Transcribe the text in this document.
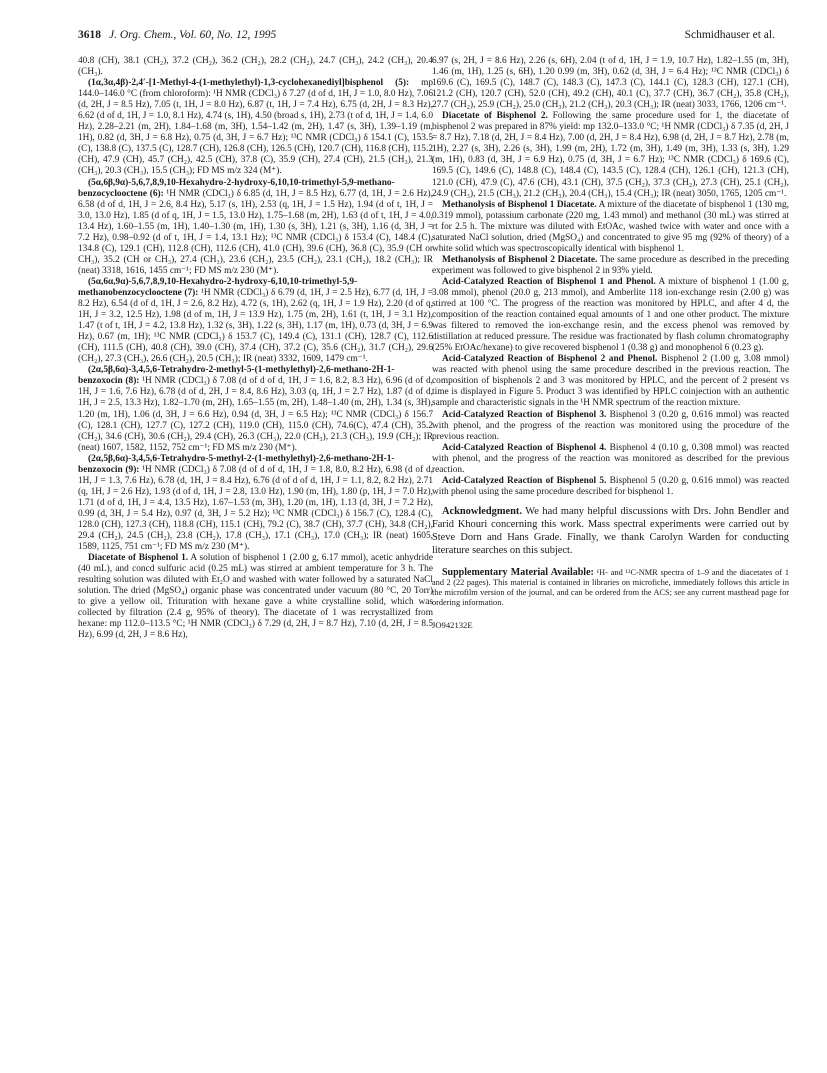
3618 J. Org. Chem., Vol. 60, No. 12, 1995	Schmidhauser et al.

40.8 (CH), 38.1 (CH₂), 37.2 (CH₂), 36.2 (CH₂), 28.2 (CH₂), 24.7 (CH₃), 24.2 (CH₃), 20.4 (CH₃).

(1α,3α,4β)-2,4′-[1-Methyl-4-(1-methylethyl)-1,3-cyclohexanediyl]bisphenol (5): mp 144.0–146.0 °C (from chloroform): ¹H NMR (CDCl₃) δ 7.27 (d of d, 1H, J = 1.0, 8.0 Hz), 7.06 (d, 2H, J = 8.5 Hz), 7.05 (t, 1H, J = 8.0 Hz), 6.87 (t, 1H, J = 7.4 Hz), 6.75 (d, 2H, J = 8.3 Hz), 6.62 (d of d, 1H, J = 1.0, 8.1 Hz), 4.74 (s, 1H), 4.50 (broad s, 1H), 2.73 (t of d, 1H, J = 1.4, 6.0 Hz), 2.28–2.21 (m, 2H), 1.84–1.68 (m, 3H), 1.54–1.42 (m, 2H), 1.47 (s, 3H), 1.39–1.19 (m, 1H), 0.82 (d, 3H, J = 6.8 Hz), 0.75 (d, 3H, J = 6.7 Hz); ¹³C NMR (CDCl₃) δ 154.1 (C), 153.5 (C), 138.8 (C), 137.5 (C), 128.7 (CH), 126.8 (CH), 126.5 (CH), 120.7 (CH), 116.8 (CH), 115.2 (CH), 47.9 (CH), 45.7 (CH₂), 42.5 (CH), 37.8 (C), 35.9 (CH), 27.4 (CH), 21.5 (CH₃), 21.3 (CH₃), 20.3 (CH₃), 15.5 (CH₃); FD MS m/z 324 (M⁺).

(5α,6β,9α)-5,6,7,8,9,10-Hexahydro-2-hydroxy-6,10,10-trimethyl-5,9-methano-benzocyclooctene (6): ¹H NMR (CDCl₃) δ 6.85 (d, 1H, J = 8.5 Hz), 6.77 (d, 1H, J = 2.6 Hz), 6.58 (d of d, 1H, J = 2.6, 8.4 Hz), 5.17 (s, 1H), 2.53 (q, 1H, J = 1.5 Hz), 1.94 (d of t, 1H, J = 3.0, 13.0 Hz), 1.85 (d of q, 1H, J = 1.5, 13.0 Hz), 1.75–1.68 (m, 2H), 1.63 (d of t, 1H, J = 4.0, 13.4 Hz), 1.60–1.55 (m, 1H), 1.40–1.30 (m, 1H), 1.30 (s, 3H), 1.21 (s, 3H), 1.16 (d, 3H, J = 7.2 Hz), 0.98–0.92 (d of t, 1H, J = 1.4, 13.1 Hz); ¹³C NMR (CDCl₃) δ 153.4 (C), 148.4 (C), 134.8 (C), 129.1 (CH), 112.8 (CH), 112.6 (CH), 41.0 (CH), 39.6 (CH), 36.8 (C), 35.9 (CH or CH₃), 35.2 (CH or CH₃), 27.4 (CH₃), 23.6 (CH₂), 23.5 (CH₂), 23.1 (CH₂), 18.2 (CH₃); IR (neat) 3318, 1616, 1455 cm⁻¹; FD MS m/z 230 (M⁺).

(5α,6α,9α)-5,6,7,8,9,10-Hexahydro-2-hydroxy-6,10,10-trimethyl-5,9-methanobenzocyclooctene (7): ¹H NMR (CDCl₃) δ 6.79 (d, 1H, J = 2.5 Hz), 6.77 (d, 1H, J = 8.2 Hz), 6.54 (d of d, 1H, J = 2.6, 8.2 Hz), 4.72 (s, 1H), 2.62 (q, 1H, J = 1.9 Hz), 2.20 (d of q, 1H, J = 3.2, 12.5 Hz), 1.98 (d of m, 1H, J = 13.9 Hz), 1.75 (m, 2H), 1.61 (t, 1H, J = 3.1 Hz), 1.47 (t of t, 1H, J = 4.2, 13.8 Hz), 1.32 (s, 3H), 1.22 (s, 3H), 1.17 (m, 1H), 0.73 (d, 3H, J = 6.9 Hz), 0.67 (m, 1H); ¹³C NMR (CDCl₃) δ 153.7 (C), 149.4 (C), 131.1 (CH), 128.7 (C), 112.6 (CH), 111.5 (CH), 40.8 (CH), 39.0 (CH), 37.4 (CH), 37.2 (C), 35.6 (CH₂), 31.7 (CH₂), 29.6 (CH₂), 27.3 (CH₃), 26.6 (CH₂), 20.5 (CH₃); IR (neat) 3332, 1609, 1479 cm⁻¹.

(2α,5β,6α)-3,4,5,6-Tetrahydro-2-methyl-5-(1-methylethyl)-2,6-methano-2H-1-benzoxocin (8): ¹H NMR (CDCl₃) δ 7.08 (d of d of d, 1H, J = 1.6, 8.2, 8.3 Hz), 6.96 (d of d, 1H, J = 1.6, 7.6 Hz), 6.78 (d of d, 2H, J = 8.4, 8.6 Hz), 3.03 (q, 1H, J = 2.7 Hz), 1.87 (d of d, 1H, J = 2.5, 13.3 Hz), 1.82–1.70 (m, 2H), 1.65–1.55 (m, 2H), 1.48–1.40 (m, 2H), 1.34 (s, 3H), 1.20 (m, 1H), 1.06 (d, 3H, J = 6.6 Hz), 0.94 (d, 3H, J = 6.5 Hz); ¹³C NMR (CDCl₃) δ 156.7 (C), 128.1 (CH), 127.7 (C), 127.2 (CH), 119.0 (CH), 115.0 (CH), 74.6(C), 47.4 (CH), 35.2 (CH₂), 34.6 (CH), 30.6 (CH₂), 29.4 (CH), 26.3 (CH₃), 22.0 (CH₃), 21.3 (CH₃), 19.9 (CH₂); IR (neat) 1607, 1582, 1152, 752 cm⁻¹; FD MS m/z 230 (M⁺).

(2α,5β,6α)-3,4,5,6-Tetrahydro-5-methyl-2-(1-methylethyl)-2,6-methano-2H-1-benzoxocin (9): ¹H NMR (CDCl₃) δ 7.08 (d of d of d, 1H, J = 1.8, 8.0, 8.2 Hz), 6.98 (d of d, 1H, J = 1.3, 7.6 Hz), 6.78 (d, 1H, J = 8.4 Hz), 6.76 (d of d of d, 1H, J = 1.1, 8.2, 8.2 Hz), 2.71 (q, 1H, J = 2.6 Hz), 1.93 (d of d, 1H, J = 2.8, 13.0 Hz), 1.90 (m, 1H), 1.80 (p, 1H, J = 7.0 Hz), 1.71 (d of d, 1H, J = 4.4, 13.5 Hz), 1.67–1.53 (m, 3H), 1.20 (m, 1H), 1.13 (d, 3H, J = 7.2 Hz), 0.99 (d, 3H, J = 5.4 Hz), 0.97 (d, 3H, J = 5.2 Hz); ¹³C NMR (CDCl₃) δ 156.7 (C), 128.4 (C), 128.0 (CH), 127.3 (CH), 118.8 (CH), 115.1 (CH), 79.2 (C), 38.7 (CH), 37.7 (CH), 34.8 (CH₂), 29.4 (CH₂), 24.5 (CH₂), 23.8 (CH₂), 17.8 (CH₃), 17.1 (CH₃), 17.0 (CH₃); IR (neat) 1605, 1589, 1125, 751 cm⁻¹; FD MS m/z 230 (M⁺).

Diacetate of Bisphenol 1. A solution of bisphenol 1 (2.00 g, 6.17 mmol), acetic anhydride (40 mL), and concd sulfuric acid (0.25 mL) was stirred at ambient temperature for 3 h. The resulting solution was diluted with Et₂O and washed with water followed by a saturated NaCl solution. The dried (MgSO₄) organic phase was concentrated under vacuum (80 °C, 20 Torr) to give a yellow oil. Trituration with hexane gave a white crystalline solid, which was collected by filtration (2.4 g, 95% of theory). The diacetate of 1 was recrystallized from hexane: mp 112.0–113.5 °C; ¹H NMR (CDCl₃) δ 7.29 (d, 2H, J = 8.7 Hz), 7.10 (d, 2H, J = 8.5 Hz), 6.99 (d, 2H, J = 8.6 Hz),

6.97 (s, 2H, J = 8.6 Hz), 2.26 (s, 6H), 2.04 (t of d, 1H, J = 1.9, 10.7 Hz), 1.82–1.55 (m, 3H), 1.46 (m, 1H), 1.25 (s, 6H), 1.20 0.99 (m, 3H), 0.62 (d, 3H, J = 6.4 Hz); ¹³C NMR (CDCl₃) δ 169.6 (C), 169.5 (C), 148.7 (C), 148.3 (C), 147.3 (C), 144.1 (C), 128.3 (CH), 127.1 (CH), 121.2 (CH), 120.7 (CH), 52.0 (CH), 49.2 (CH), 40.1 (C), 37.7 (CH), 36.7 (CH₂), 35.8 (CH₂), 27.7 (CH₂), 25.9 (CH₂), 25.0 (CH₃), 21.2 (CH₃), 20.3 (CH₃); IR (neat) 3033, 1766, 1206 cm⁻¹.

Diacetate of Bisphenol 2. Following the same procedure used for 1, the diacetate of bisphenol 2 was prepared in 87% yield: mp 132.0–133.0 °C; ¹H NMR (CDCl₃) δ 7.35 (d, 2H, J = 8.7 Hz), 7.18 (d, 2H, J = 8.4 Hz), 7.00 (d, 2H, J = 8.4 Hz), 6.98 (d, 2H, J = 8.7 Hz), 2.78 (m, 1H), 2.27 (s, 3H), 2.26 (s, 3H), 1.99 (m, 2H), 1.72 (m, 3H), 1.49 (m, 3H), 1.33 (s, 3H), 1.29 (m, 1H), 0.83 (d, 3H, J = 6.9 Hz), 0.75 (d, 3H, J = 6.7 Hz); ¹³C NMR (CDCl₃) δ 169.6 (C), 169.5 (C), 149.6 (C), 148.8 (C), 148.4 (C), 143.5 (C), 128.4 (CH), 126.1 (CH), 121.3 (CH), 121.0 (CH), 47.9 (C), 47.6 (CH), 43.1 (CH), 37.5 (CH₂), 37.3 (CH₂), 27.3 (CH), 25.1 (CH₂), 24.9 (CH₃), 21.5 (CH₃), 21.2 (CH₃), 20.4 (CH₃), 15.4 (CH₃); IR (neat) 3050, 1765, 1205 cm⁻¹.

Methanolysis of Bisphenol 1 Diacetate. A mixture of the diacetate of bisphenol 1 (130 mg, 0.319 mmol), potassium carbonate (220 mg, 1.43 mmol) and methanol (30 mL) was stirred at rt for 2.5 h. The mixture was diluted with EtOAc, washed twice with water and once with a saturated NaCl solution, dried (MgSO₄) and concentrated to give 95 mg (92% of theory) of a white solid which was spectroscopically identical with bisphenol 1.

Methanolysis of Bisphenol 2 Diacetate. The same procedure as described in the preceding experiment was followed to give bisphenol 2 in 93% yield.

Acid-Catalyzed Reaction of Bisphenol 1 and Phenol. A mixture of bisphenol 1 (1.00 g, 3.08 mmol), phenol (20.0 g, 213 mmol), and Amberlite 118 ion-exchange resin (2.00 g) was stirred at 100 °C. The progress of the reaction was monitored by HPLC, and after 4 d, the composition of the reaction contained equal amounts of 1 and one other product. The mixture was filtered to removed the ion-exchange resin, and the excess phenol was removed by distillation at reduced pressure. The residue was fractionated by flash column chromatography (25% EtOAc/hexane) to give recovered bisphenol 1 (0.38 g) and monophenol 6 (0.23 g).

Acid-Catalyzed Reaction of Bisphenol 2 and Phenol. Bisphenol 2 (1.00 g, 3.08 mmol) was reacted with phenol using the same procedure described in the previous reaction. The composition of bisphenols 2 and 3 was monitored by HPLC, and the percent of 2 present vs time is displayed in Figure 5. Product 3 was identified by HPLC coinjection with an authentic sample and characteristic signals in the ¹H NMR spectrum of the reaction mixture.

Acid-Catalyzed Reaction of Bisphenol 3. Bisphenol 3 (0.20 g, 0.616 mmol) was reacted with phenol, and the progress of the reaction was monitored using the procedure of the previous reaction.

Acid-Catalyzed Reaction of Bisphenol 4. Bisphenol 4 (0.10 g, 0.308 mmol) was reacted with phenol, and the progress of the reaction was monitored as described for the previous reaction.

Acid-Catalyzed Reaction of Bisphenol 5. Bisphenol 5 (0.20 g, 0.616 mmol) was reacted with phenol using the same procedure described for bisphenol 1.

Acknowledgment. We had many helpful discussions with Drs. John Bendler and Farid Khouri concerning this work. Mass spectral experiments were carried out by Steve Dorn and Hans Grade. Finally, we thank Carolyn Warden for conducting literature searches on this subject.

Supplementary Material Available: ¹H- and ¹³C-NMR spectra of 1–9 and the diacetates of 1 and 2 (22 pages). This material is contained in libraries on microfiche, immediately follows this article in the microfilm version of the journal, and can be ordered from the ACS; see any current masthead page for ordering information.

JO942132E
